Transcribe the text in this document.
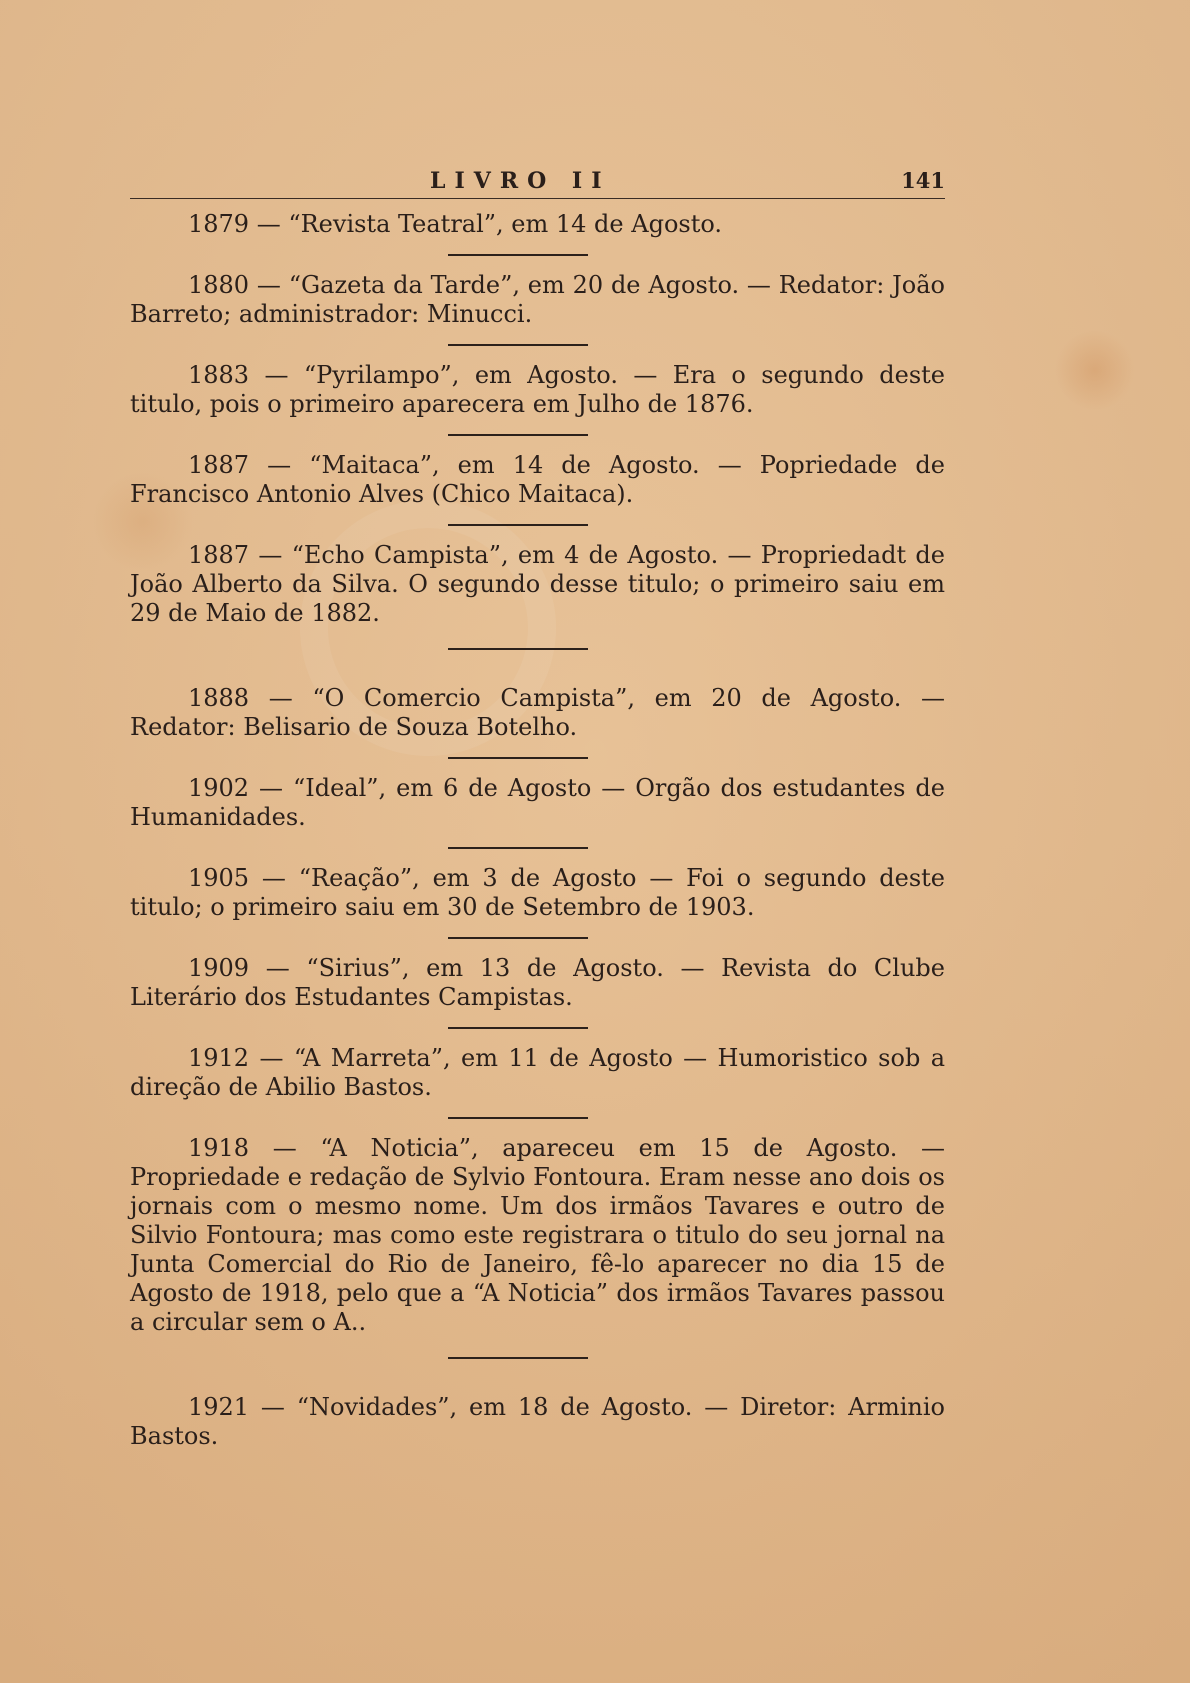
LIVRO II	141

1879 — “Revista Teatral”, em 14 de Agosto.

1880 — “Gazeta da Tarde”, em 20 de Agosto. — Redator: João Barreto; administrador: Minucci.

1883 — “Pyrilampo”, em Agosto. — Era o segundo deste titulo, pois o primeiro aparecera em Julho de 1876.

1887 — “Maitaca”, em 14 de Agosto. — Popriedade de Francisco Antonio Alves (Chico Maitaca).

1887 — “Echo Campista”, em 4 de Agosto. — Propriedadt de João Alberto da Silva. O segundo desse titulo; o primeiro saiu em 29 de Maio de 1882.

1888 — “O Comercio Campista”, em 20 de Agosto. — Redator: Belisario de Souza Botelho.

1902 — “Ideal”, em 6 de Agosto — Orgão dos estudantes de Humanidades.

1905 — “Reação”, em 3 de Agosto — Foi o segundo deste titulo; o primeiro saiu em 30 de Setembro de 1903.

1909 — “Sirius”, em 13 de Agosto. — Revista do Clube Literário dos Estudantes Campistas.

1912 — “A Marreta”, em 11 de Agosto — Humoristico sob a direção de Abilio Bastos.

1918 — “A Noticia”, apareceu em 15 de Agosto. — Propriedade e redação de Sylvio Fontoura. Eram nesse ano dois os jornais com o mesmo nome. Um dos irmãos Tavares e outro de Silvio Fontoura; mas como este registrara o titulo do seu jornal na Junta Comercial do Rio de Janeiro, fê-lo aparecer no dia 15 de Agosto de 1918, pelo que a “A Noticia” dos irmãos Tavares passou a circular sem o A..

1921 — “Novidades”, em 18 de Agosto. — Diretor: Arminio Bastos.
